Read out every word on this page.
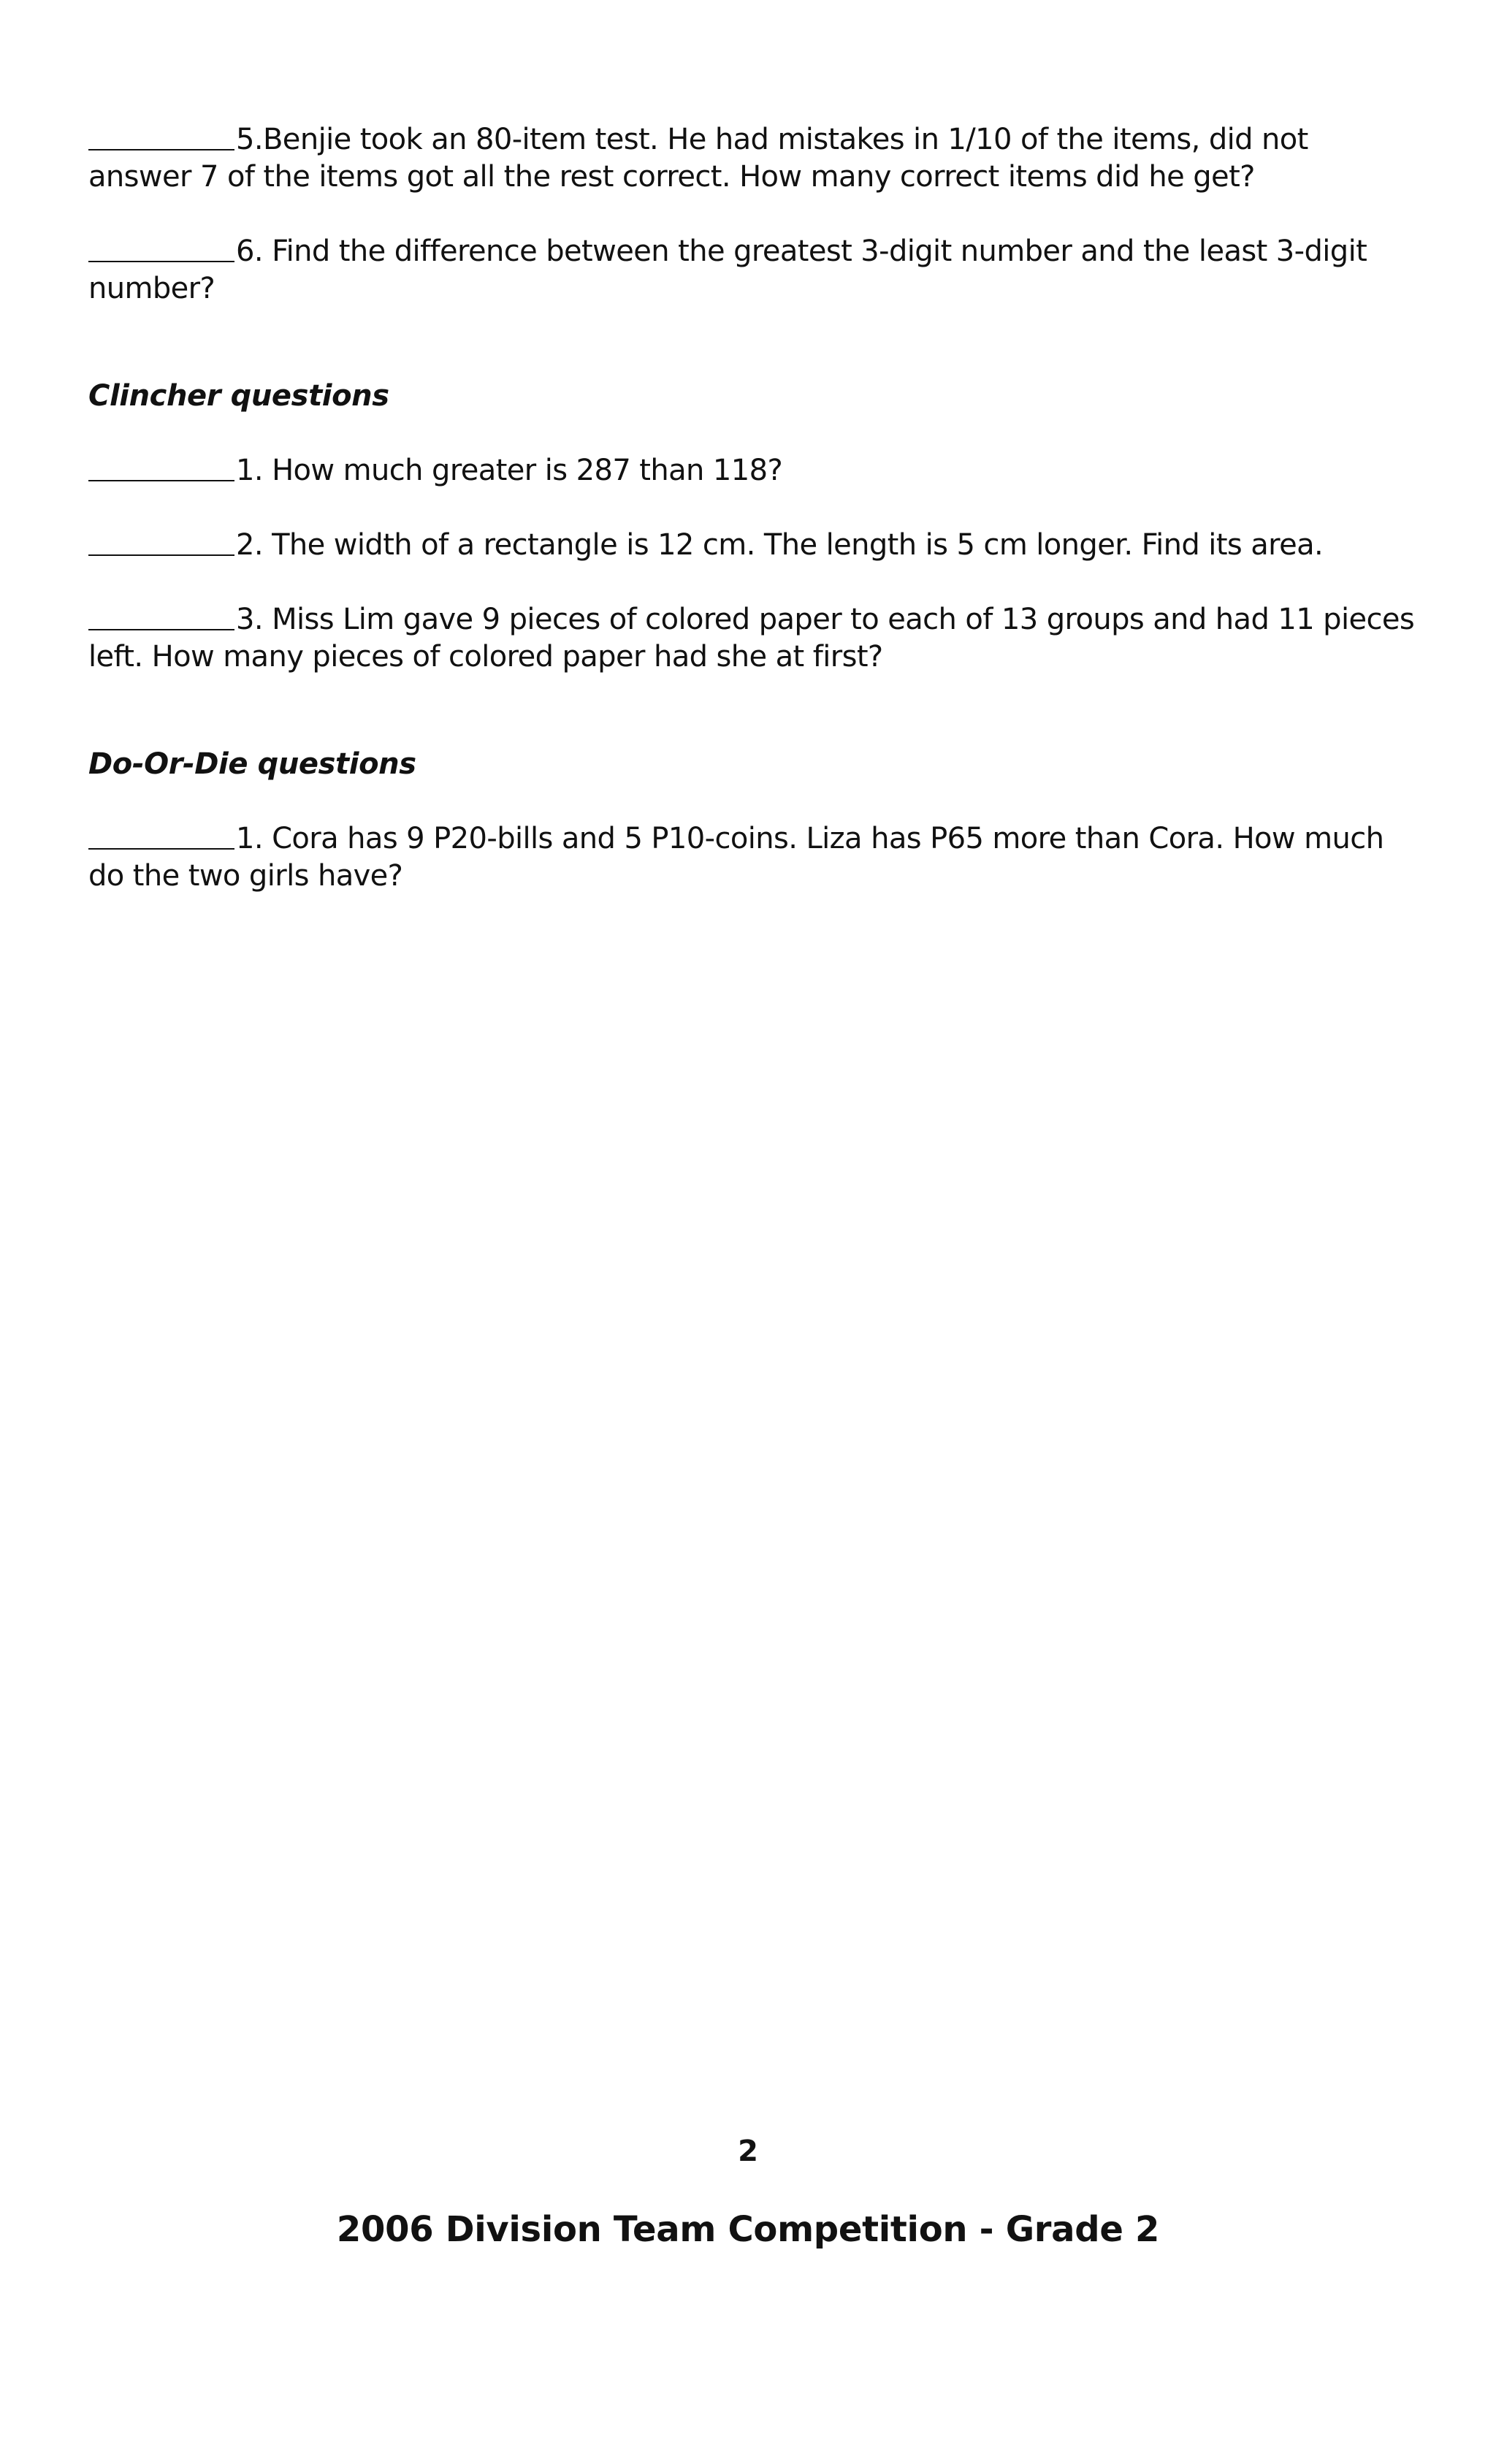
5.Benjie took an 80-item test. He had mistakes in 1/10 of the items, did not answer 7 of the items got all the rest correct. How many correct items did he get?

6. Find the difference between the greatest 3-digit number and the least 3-digit number?

Clincher questions

1. How much greater is 287 than 118?

2. The width of a rectangle is 12 cm. The length is 5 cm longer. Find its area.

3. Miss Lim gave 9 pieces of colored paper to each of 13 groups and had 11 pieces left. How many pieces of colored paper had she at first?

Do-Or-Die questions

1. Cora has 9 P20-bills and 5 P10-coins. Liza has P65 more than Cora. How much do the two girls have?

2
2006 Division Team Competition - Grade 2
